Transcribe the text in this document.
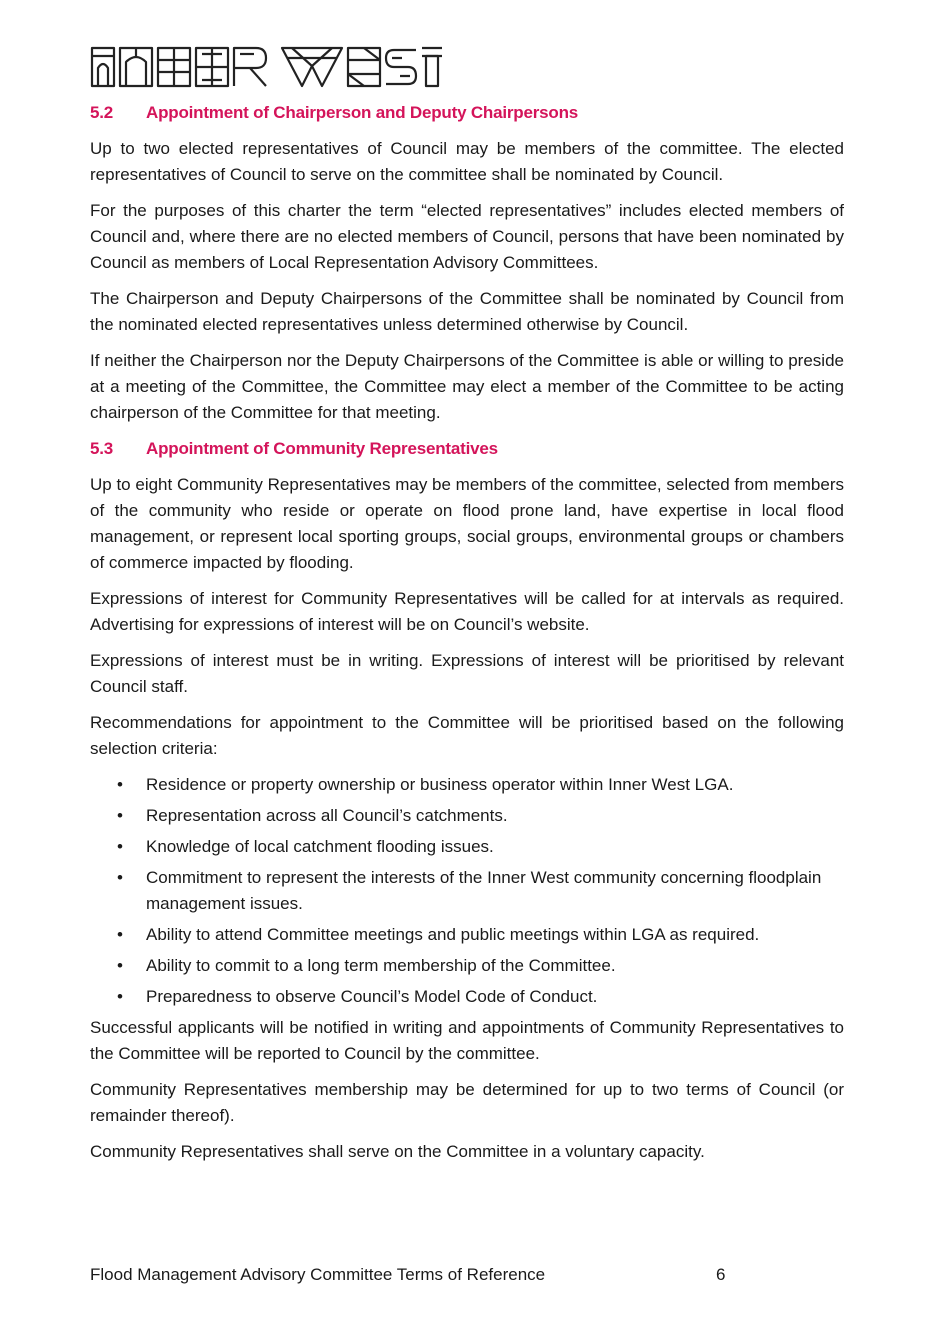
5.2	Appointment of Chairperson and Deputy Chairpersons

Up to two elected representatives of Council may be members of the committee. The elected representatives of Council to serve on the committee shall be nominated by Council.

For the purposes of this charter the term “elected representatives” includes elected members of Council and, where there are no elected members of Council, persons that have been nominated by Council as members of Local Representation Advisory Committees.

The Chairperson and Deputy Chairpersons of the Committee shall be nominated by Council from the nominated elected representatives unless determined otherwise by Council.

If neither the Chairperson nor the Deputy Chairpersons of the Committee is able or willing to preside at a meeting of the Committee, the Committee may elect a member of the Committee to be acting chairperson of the Committee for that meeting.

5.3	Appointment of Community Representatives

Up to eight Community Representatives may be members of the committee, selected from members of the community who reside or operate on flood prone land, have expertise in local flood management, or represent local sporting groups, social groups, environmental groups or chambers of commerce impacted by flooding.

Expressions of interest for Community Representatives will be called for at intervals as required. Advertising for expressions of interest will be on Council’s website.

Expressions of interest must be in writing. Expressions of interest will be prioritised by relevant Council staff.

Recommendations for appointment to the Committee will be prioritised based on the following selection criteria:

• Residence or property ownership or business operator within Inner West LGA.
• Representation across all Council’s catchments.
• Knowledge of local catchment flooding issues.
• Commitment to represent the interests of the Inner West community concerning floodplain management issues.
• Ability to attend Committee meetings and public meetings within LGA as required.
• Ability to commit to a long term membership of the Committee.
• Preparedness to observe Council’s Model Code of Conduct.

Successful applicants will be notified in writing and appointments of Community Representatives to the Committee will be reported to Council by the committee.

Community Representatives membership may be determined for up to two terms of Council (or remainder thereof).

Community Representatives shall serve on the Committee in a voluntary capacity.

Flood Management Advisory Committee Terms of Reference	6
